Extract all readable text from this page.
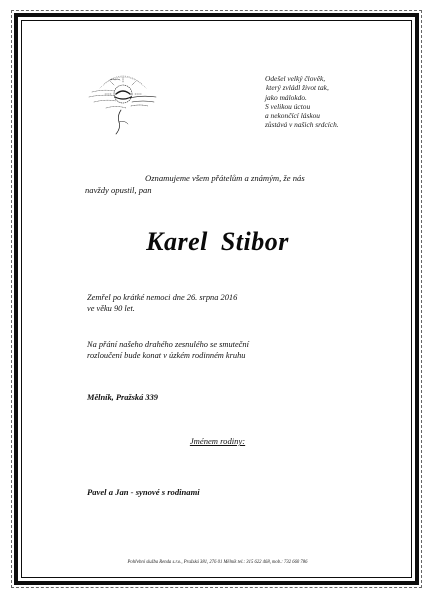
Odešel velký člověk,
který zvládl život tak,
jako málokdo.
S velikou úctou
a nekončící láskou
zůstává v našich srdcích.
Oznamujeme všem přátelům a známým, že nás
navždy opustil, pan
Karel Stibor
Zemřel po krátké nemoci dne 26. srpna 2016
ve věku 90 let.
Na přání našeho drahého zesnulého se smuteční
rozloučení bude konat v úzkém rodinném kruhu
Mělník, Pražská 339
Jménem rodiny:
Pavel a Jan - synové s rodinami
Pohřební služba Renda s.r.o., Pražská 381, 276 01 Mělník tel.: 315 622 468, mob.: 732 660 786
